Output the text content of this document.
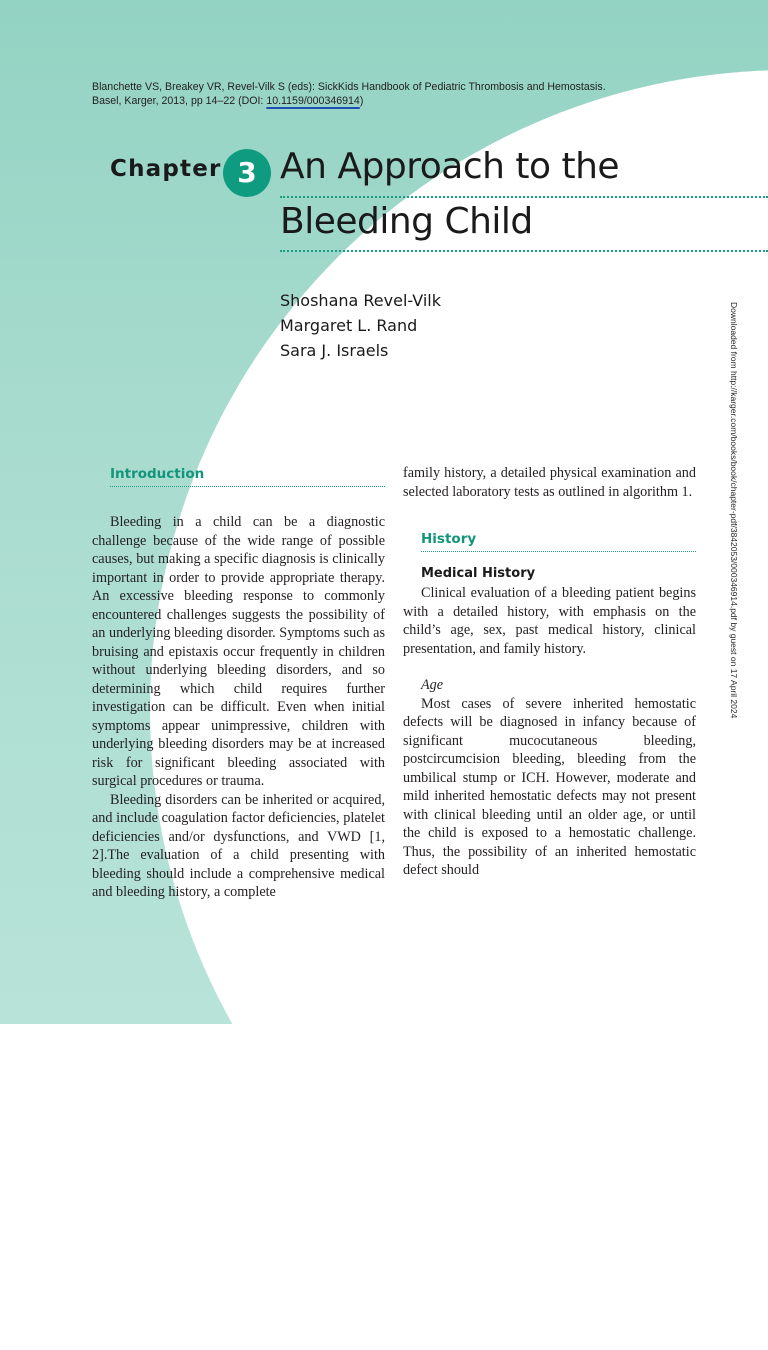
Blanchette VS, Breakey VR, Revel-Vilk S (eds): SickKids Handbook of Pediatric Thrombosis and Hemostasis.
Basel, Karger, 2013, pp 14–22 (DOI: 10.1159/000346914)
Chapter 3 An Approach to the
Bleeding Child
Shoshana Revel-Vilk
Margaret L. Rand
Sara J. Israels	Downloaded from http://karger.com/books/book/chapter-pdf/3842053/000346914.pdf by guest on 17 April 2024
Introduction

Bleeding in a child can be a diagnostic challenge because of the wide range of possible causes, but making a specific diagnosis is clinically important in order to provide appropriate therapy. An excessive bleeding response to commonly encountered challenges suggests the possibility of an underlying bleeding disorder. Symptoms such as bruising and epistaxis occur frequently in children without underlying bleeding disorders, and so determining which child requires further investigation can be difficult. Even when initial symptoms appear unimpressive, children with underlying bleeding disorders may be at increased risk for significant bleeding associated with surgical procedures or trauma.

Bleeding disorders can be inherited or acquired, and include coagulation factor deficiencies, platelet deficiencies and/or dysfunctions, and VWD [1, 2].The evaluation of a child presenting with bleeding should include a comprehensive medical and bleeding history, a complete

family history, a detailed physical examination and selected laboratory tests as outlined in algorithm 1.

History
Medical History

Clinical evaluation of a bleeding patient begins with a detailed history, with emphasis on the child’s age, sex, past medical history, clinical presentation, and family history.

Age

Most cases of severe inherited hemostatic defects will be diagnosed in infancy because of significant mucocutaneous bleeding, postcircumcision bleeding, bleeding from the umbilical stump or ICH. However, moderate and mild inherited hemostatic defects may not present with clinical bleeding until an older age, or until the child is exposed to a hemostatic challenge. Thus, the possibility of an inherited hemostatic defect should
